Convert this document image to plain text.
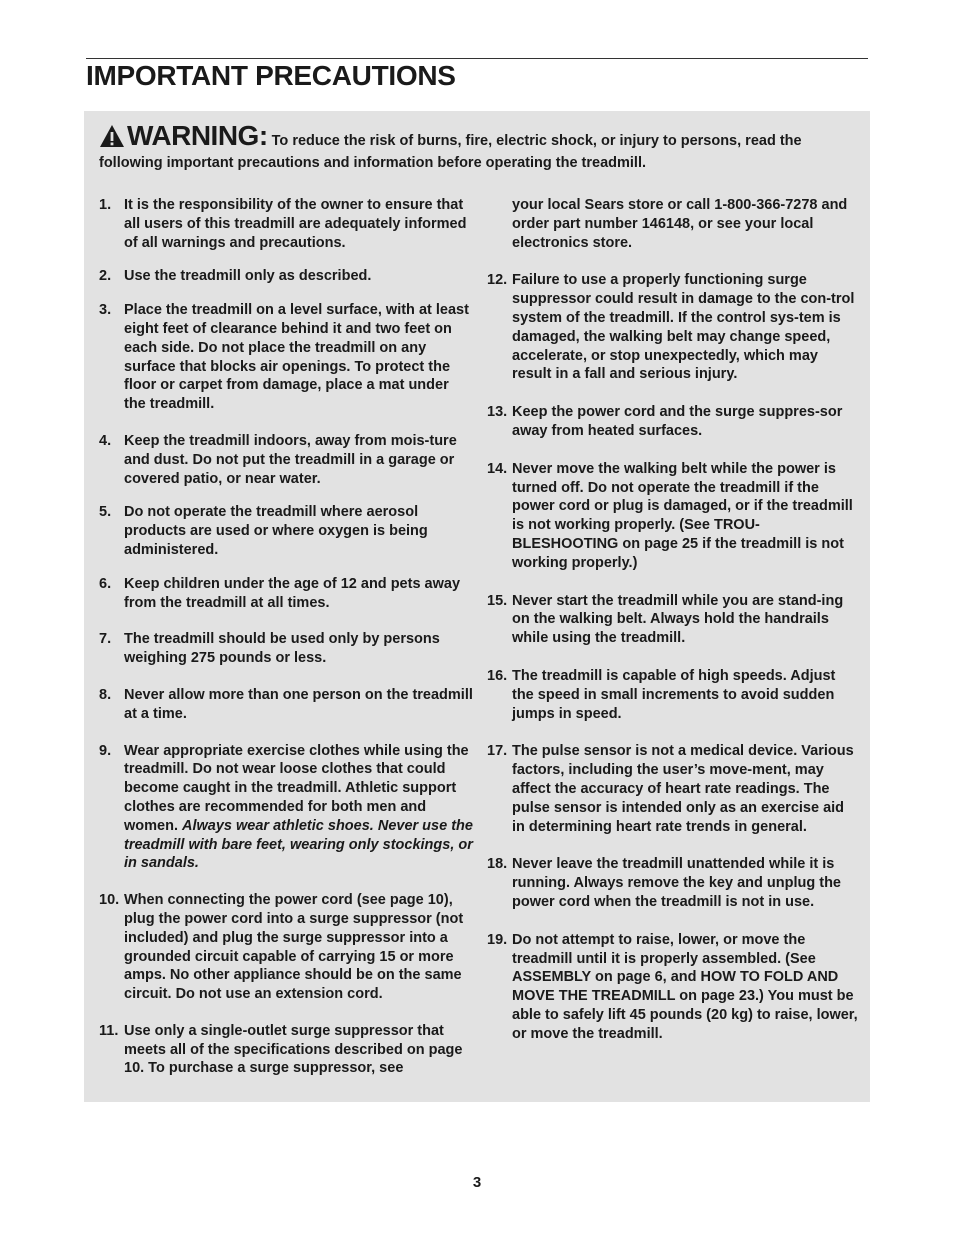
IMPORTANT PRECAUTIONS
WARNING: To reduce the risk of burns, fire, electric shock, or injury to persons, read the following important precautions and information before operating the treadmill.
1. It is the responsibility of the owner to ensure that all users of this treadmill are adequately informed of all warnings and precautions.
2. Use the treadmill only as described.
3. Place the treadmill on a level surface, with at least eight feet of clearance behind it and two feet on each side. Do not place the treadmill on any surface that blocks air openings. To protect the floor or carpet from damage, place a mat under the treadmill.
4. Keep the treadmill indoors, away from mois-ture and dust. Do not put the treadmill in a garage or covered patio, or near water.
5. Do not operate the treadmill where aerosol products are used or where oxygen is being administered.
6. Keep children under the age of 12 and pets away from the treadmill at all times.
7. The treadmill should be used only by persons weighing 275 pounds or less.
8. Never allow more than one person on the treadmill at a time.
9. Wear appropriate exercise clothes while using the treadmill. Do not wear loose clothes that could become caught in the treadmill. Athletic support clothes are recommended for both men and women. Always wear athletic shoes. Never use the treadmill with bare feet, wearing only stockings, or in sandals.
10. When connecting the power cord (see page 10), plug the power cord into a surge suppressor (not included) and plug the surge suppressor into a grounded circuit capable of carrying 15 or more amps. No other appliance should be on the same circuit. Do not use an extension cord.
11. Use only a single-outlet surge suppressor that meets all of the specifications described on page 10. To purchase a surge suppressor, see
your local Sears store or call 1-800-366-7278 and order part number 146148, or see your local electronics store.
12. Failure to use a properly functioning surge suppressor could result in damage to the con-trol system of the treadmill. If the control sys-tem is damaged, the walking belt may change speed, accelerate, or stop unexpectedly, which may result in a fall and serious injury.
13. Keep the power cord and the surge suppres-sor away from heated surfaces.
14. Never move the walking belt while the power is turned off. Do not operate the treadmill if the power cord or plug is damaged, or if the treadmill is not working properly. (See TROU-BLESHOOTING on page 25 if the treadmill is not working properly.)
15. Never start the treadmill while you are stand-ing on the walking belt. Always hold the handrails while using the treadmill.
16. The treadmill is capable of high speeds. Adjust the speed in small increments to avoid sudden jumps in speed.
17. The pulse sensor is not a medical device. Various factors, including the user’s move-ment, may affect the accuracy of heart rate readings. The pulse sensor is intended only as an exercise aid in determining heart rate trends in general.
18. Never leave the treadmill unattended while it is running. Always remove the key and unplug the power cord when the treadmill is not in use.
19. Do not attempt to raise, lower, or move the treadmill until it is properly assembled. (See ASSEMBLY on page 6, and HOW TO FOLD AND MOVE THE TREADMILL on page 23.) You must be able to safely lift 45 pounds (20 kg) to raise, lower, or move the treadmill.
3
